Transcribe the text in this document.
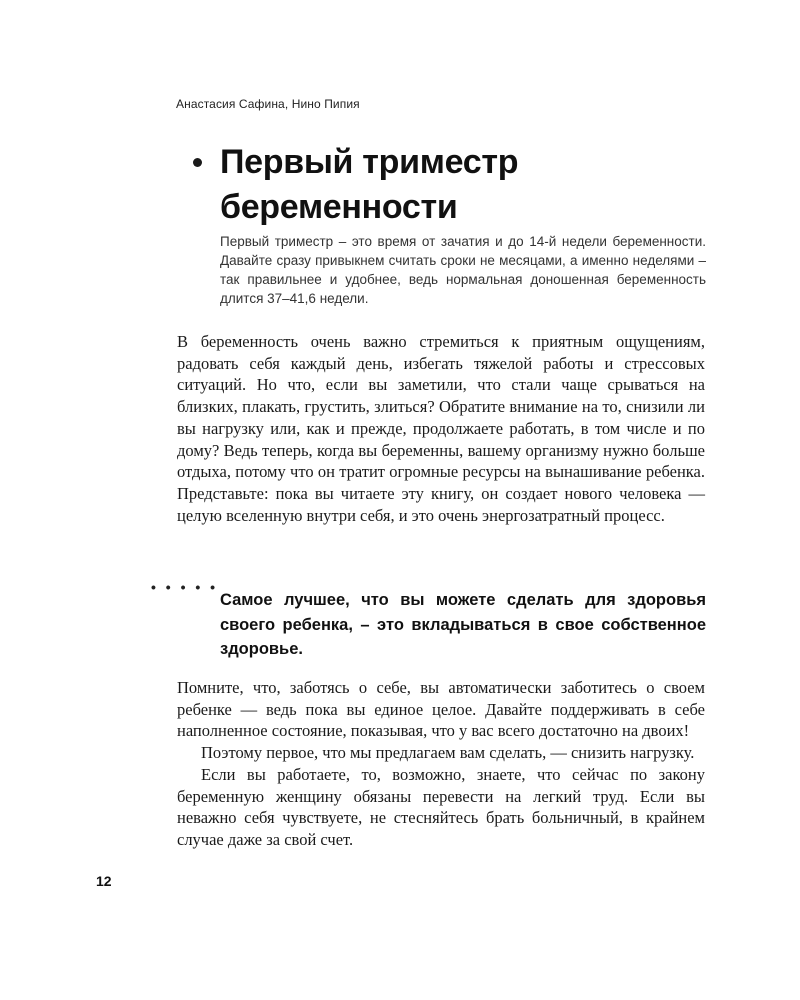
Анастасия Сафина, Нино Пипия
Первый триместр беременности

Первый триместр – это время от зачатия и до 14-й недели беременности. Давайте сразу привыкнем считать сроки не месяцами, а именно неделями – так правильнее и удобнее, ведь нормальная доношенная беременность длится 37–41,6 недели.

В беременность очень важно стремиться к приятным ощущениям, радовать себя каждый день, избегать тяжелой работы и стрессовых ситуаций. Но что, если вы заметили, что стали чаще срываться на близких, плакать, грустить, злиться? Обратите внимание на то, снизили ли вы нагрузку или, как и прежде, продолжаете работать, в том числе и по дому? Ведь теперь, когда вы беременны, вашему организму нужно больше отдыха, потому что он тратит огромные ресурсы на вынашивание ребенка. Представьте: пока вы читаете эту книгу, он создает нового человека — целую вселенную внутри себя, и это очень энергозатратный процесс.

• • • • •

Самое лучшее, что вы можете сделать для здоровья своего ребенка, – это вкладываться в свое собственное здоровье.

Помните, что, заботясь о себе, вы автоматически заботитесь о своем ребенке — ведь пока вы единое целое. Давайте поддерживать в себе наполненное состояние, показывая, что у вас всего достаточно на двоих!

Поэтому первое, что мы предлагаем вам сделать, — снизить нагрузку.

Если вы работаете, то, возможно, знаете, что сейчас по закону беременную женщину обязаны перевести на легкий труд. Если вы неважно себя чувствуете, не стесняйтесь брать больничный, в крайнем случае даже за свой счет.

12
